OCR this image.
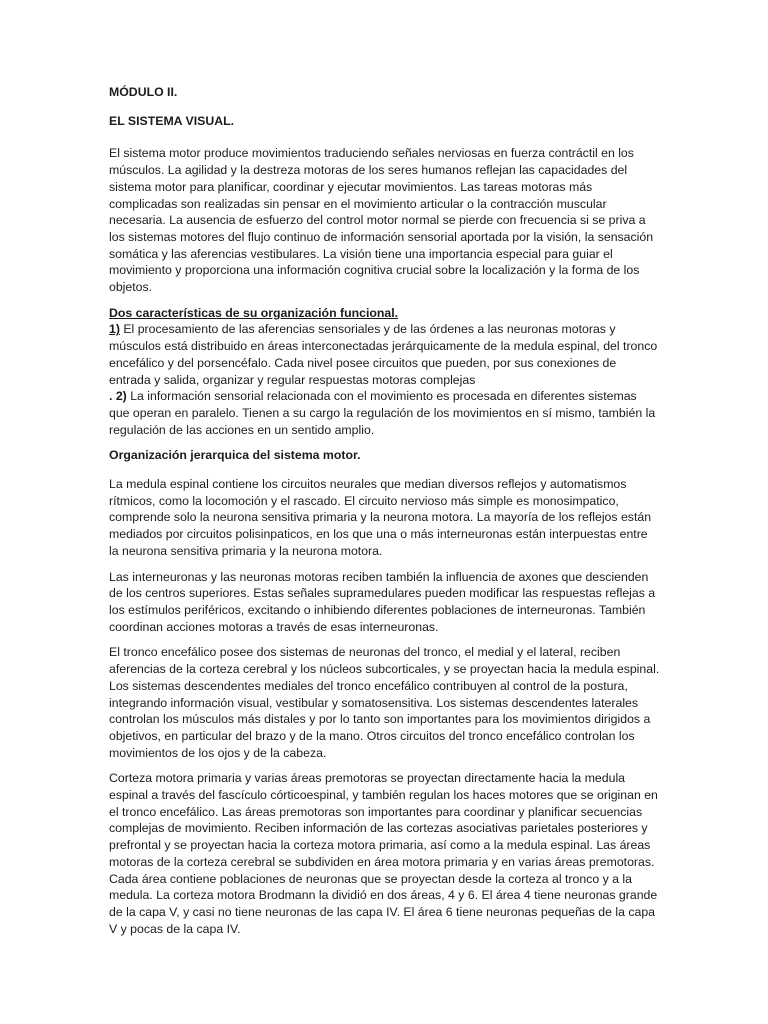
MÓDULO II.

EL SISTEMA VISUAL.

El sistema motor produce movimientos traduciendo señales nerviosas en fuerza contráctil en los músculos. La agilidad y la destreza motoras de los seres humanos reflejan las capacidades del sistema motor para planificar, coordinar y ejecutar movimientos. Las tareas motoras más complicadas son realizadas sin pensar en el movimiento articular o la contracción muscular necesaria. La ausencia de esfuerzo del control motor normal se pierde con frecuencia si se priva a los sistemas motores del flujo continuo de información sensorial aportada por la visión, la sensación somática y las aferencias vestibulares. La visión tiene una importancia especial para guiar el movimiento y proporciona una información cognitiva crucial sobre la localización y la forma de los objetos.

Dos características de su organización funcional.

1) El procesamiento de las aferencias sensoriales y de las órdenes a las neuronas motoras y músculos está distribuido en áreas interconectadas jerárquicamente de la medula espinal, del tronco encefálico y del porsencéfalo. Cada nivel posee circuitos que pueden, por sus conexiones de entrada y salida, organizar y regular respuestas motoras complejas

. 2) La información sensorial relacionada con el movimiento es procesada en diferentes sistemas que operan en paralelo. Tienen a su cargo la regulación de los movimientos en sí mismo, también la regulación de las acciones en un sentido amplio.

Organización jerarquica del sistema motor.

La medula espinal contiene los circuitos neurales que median diversos reflejos y automatismos rítmicos, como la locomoción y el rascado. El circuito nervioso más simple es monosimpatico, comprende solo la neurona sensitiva primaria y la neurona motora. La mayoría de los reflejos están mediados por circuitos polisinpaticos, en los que una o más interneuronas están interpuestas entre la neurona sensitiva primaria y la neurona motora.

Las interneuronas y las neuronas motoras reciben también la influencia de axones que descienden de los centros superiores. Estas señales supramedulares pueden modificar las respuestas reflejas a los estímulos periféricos, excitando o inhibiendo diferentes poblaciones de interneuronas. También coordinan acciones motoras a través de esas interneuronas.

El tronco encefálico posee dos sistemas de neuronas del tronco, el medial y el lateral, reciben aferencias de la corteza cerebral y los núcleos subcorticales, y se proyectan hacia la medula espinal. Los sistemas descendentes mediales del tronco encefálico contribuyen al control de la postura, integrando información visual, vestibular y somatosensitiva. Los sistemas descendentes laterales controlan los músculos más distales y por lo tanto son importantes para los movimientos dirigidos a objetivos, en particular del brazo y de la mano. Otros circuitos del tronco encefálico controlan los movimientos de los ojos y de la cabeza.

Corteza motora primaria y varias áreas premotoras se proyectan directamente hacia la medula espinal a través del fascículo córticoespinal, y también regulan los haces motores que se originan en el tronco encefálico. Las áreas premotoras son importantes para coordinar y planificar secuencias complejas de movimiento. Reciben información de las cortezas asociativas parietales posteriores y prefrontal y se proyectan hacia la corteza motora primaria, así como a la medula espinal. Las áreas motoras de la corteza cerebral se subdividen en área motora primaria y en varias áreas premotoras. Cada área contiene poblaciones de neuronas que se proyectan desde la corteza al tronco y a la medula. La corteza motora Brodmann la dividió en dos áreas, 4 y 6. El área 4 tiene neuronas grande de la capa V, y casi no tiene neuronas de las capa IV. El área 6 tiene neuronas pequeñas de la capa V y pocas de la capa IV.
